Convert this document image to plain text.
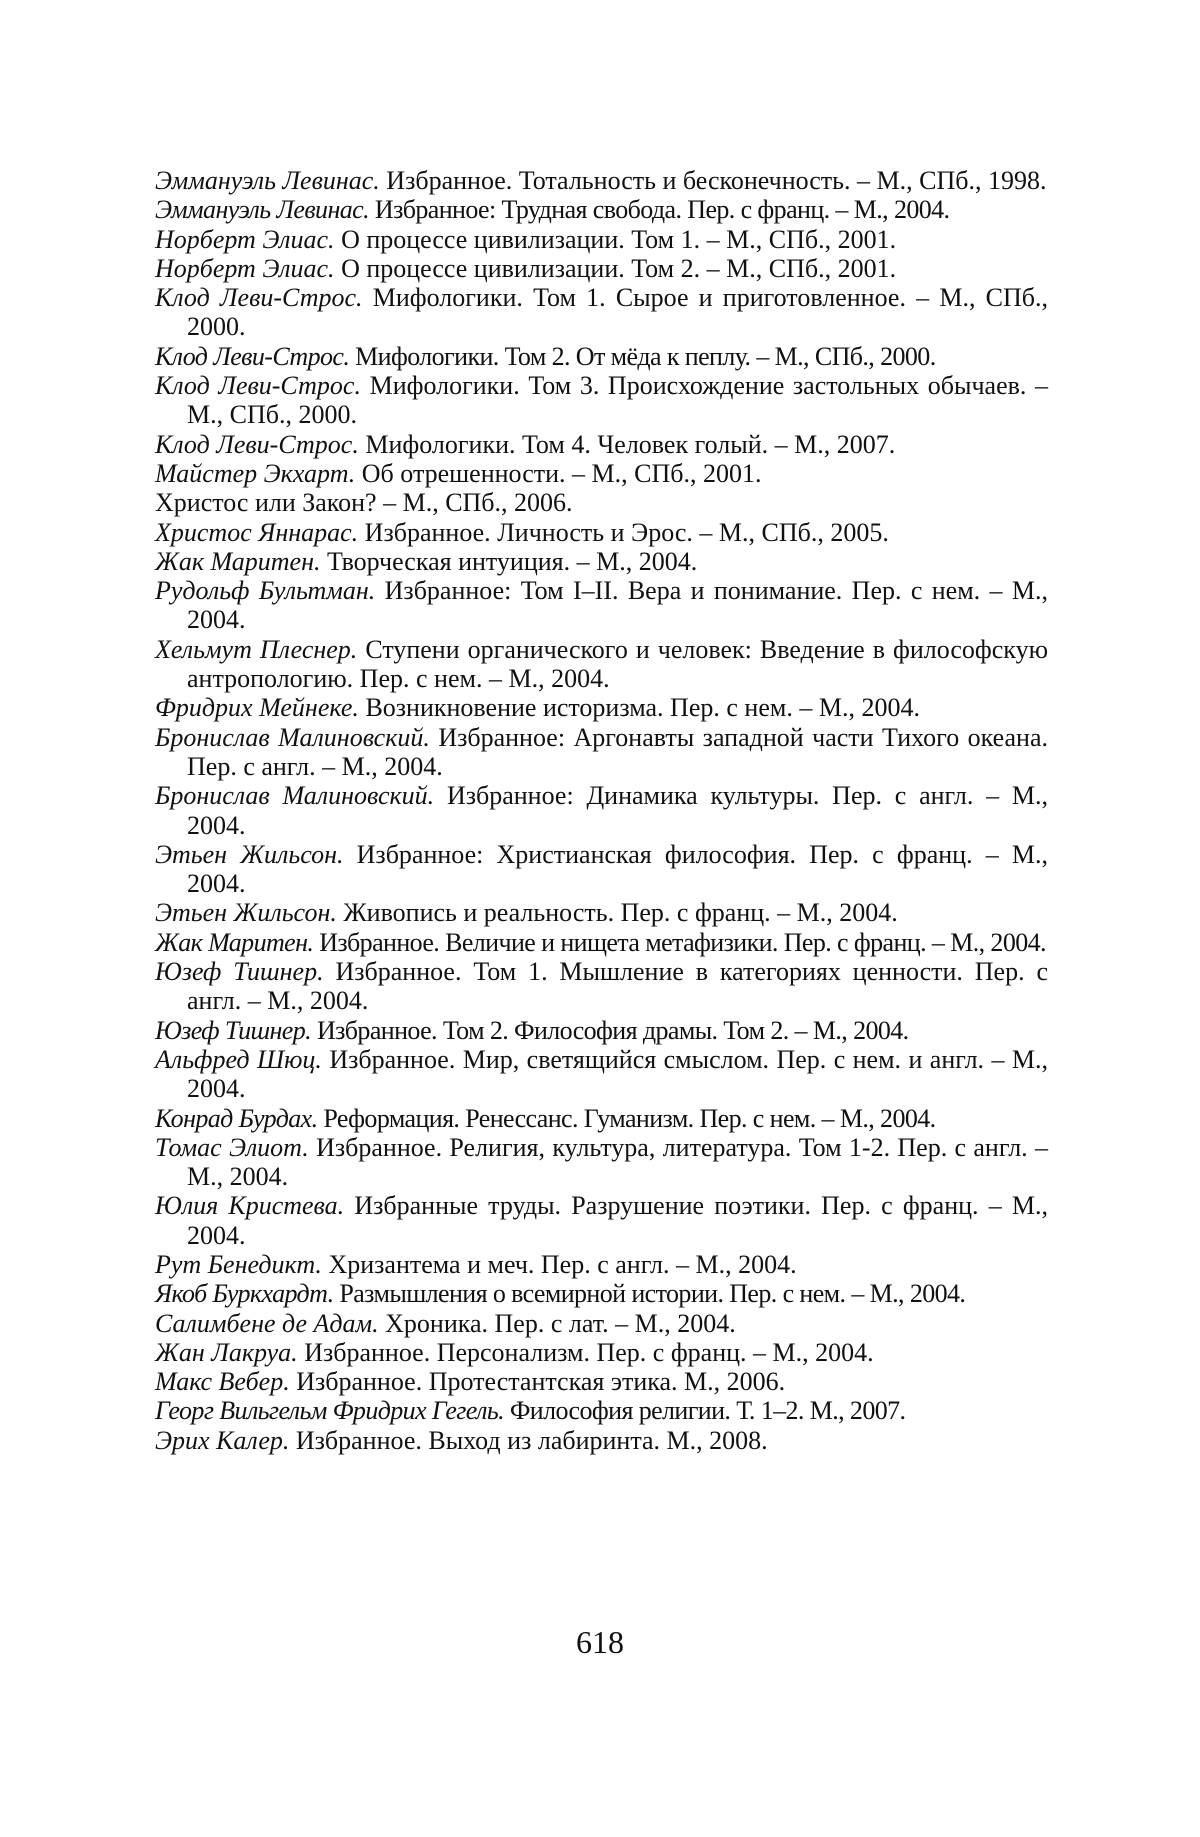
Эммануэль Левинас. Избранное. Тотальность и бесконечность. – М., СПб., 1998.

Эммануэль Левинас. Избранное: Трудная свобода. Пер. с франц. – М., 2004.

Норберт Элиас. О процессе цивилизации. Том 1. – М., СПб., 2001.

Норберт Элиас. О процессе цивилизации. Том 2. – М., СПб., 2001.

Клод Леви-Строс. Мифологики. Том 1. Сырое и приготовленное. – М., СПб., 2000.

Клод Леви-Строс. Мифологики. Том 2. От мёда к пеплу. – М., СПб., 2000.

Клод Леви-Строс. Мифологики. Том 3. Происхождение застольных обычаев. – М., СПб., 2000.

Клод Леви-Строс. Мифологики. Том 4. Человек голый. – М., 2007.

Майстер Экхарт. Об отрешенности. – М., СПб., 2001.

Христос или Закон? – М., СПб., 2006.

Христос Яннарас. Избранное. Личность и Эрос. – М., СПб., 2005.

Жак Маритен. Творческая интуиция. – М., 2004.

Рудольф Бультман. Избранное: Том I–II. Вера и понимание. Пер. с нем. – М., 2004.

Хельмут Плеснер. Ступени органического и человек: Введение в философскую антропологию. Пер. с нем. – М., 2004.

Фридрих Мейнеке. Возникновение историзма. Пер. с нем. – М., 2004.

Бронислав Малиновский. Избранное: Аргонавты западной части Тихого океана. Пер. с англ. – М., 2004.

Бронислав Малиновский. Избранное: Динамика культуры. Пер. с англ. – М., 2004.

Этьен Жильсон. Избранное: Христианская философия. Пер. с франц. – М., 2004.

Этьен Жильсон. Живопись и реальность. Пер. с франц. – М., 2004.

Жак Маритен. Избранное. Величие и нищета метафизики. Пер. с франц. – М., 2004.

Юзеф Тишнер. Избранное. Том 1. Мышление в категориях ценности. Пер. с англ. – М., 2004.

Юзеф Тишнер. Избранное. Том 2. Философия драмы. Том 2. – М., 2004.

Альфред Шюц. Избранное. Мир, светящийся смыслом. Пер. с нем. и англ. – М., 2004.

Конрад Бурдах. Реформация. Ренессанс. Гуманизм. Пер. с нем. – М., 2004.

Томас Элиот. Избранное. Религия, культура, литература. Том 1-2. Пер. с англ. – М., 2004.

Юлия Кристева. Избранные труды. Разрушение поэтики. Пер. с франц. – М., 2004.

Рут Бенедикт. Хризантема и меч. Пер. с англ. – М., 2004.

Якоб Буркхардт. Размышления о всемирной истории. Пер. с нем. – М., 2004.

Салимбене де Адам. Хроника. Пер. с лат. – М., 2004.

Жан Лакруа. Избранное. Персонализм. Пер. с франц. – М., 2004.

Макс Вебер. Избранное. Протестантская этика. М., 2006.

Георг Вильгельм Фридрих Гегель. Философия религии. Т. 1–2. М., 2007.

Эрих Калер. Избранное. Выход из лабиринта. М., 2008.

618
